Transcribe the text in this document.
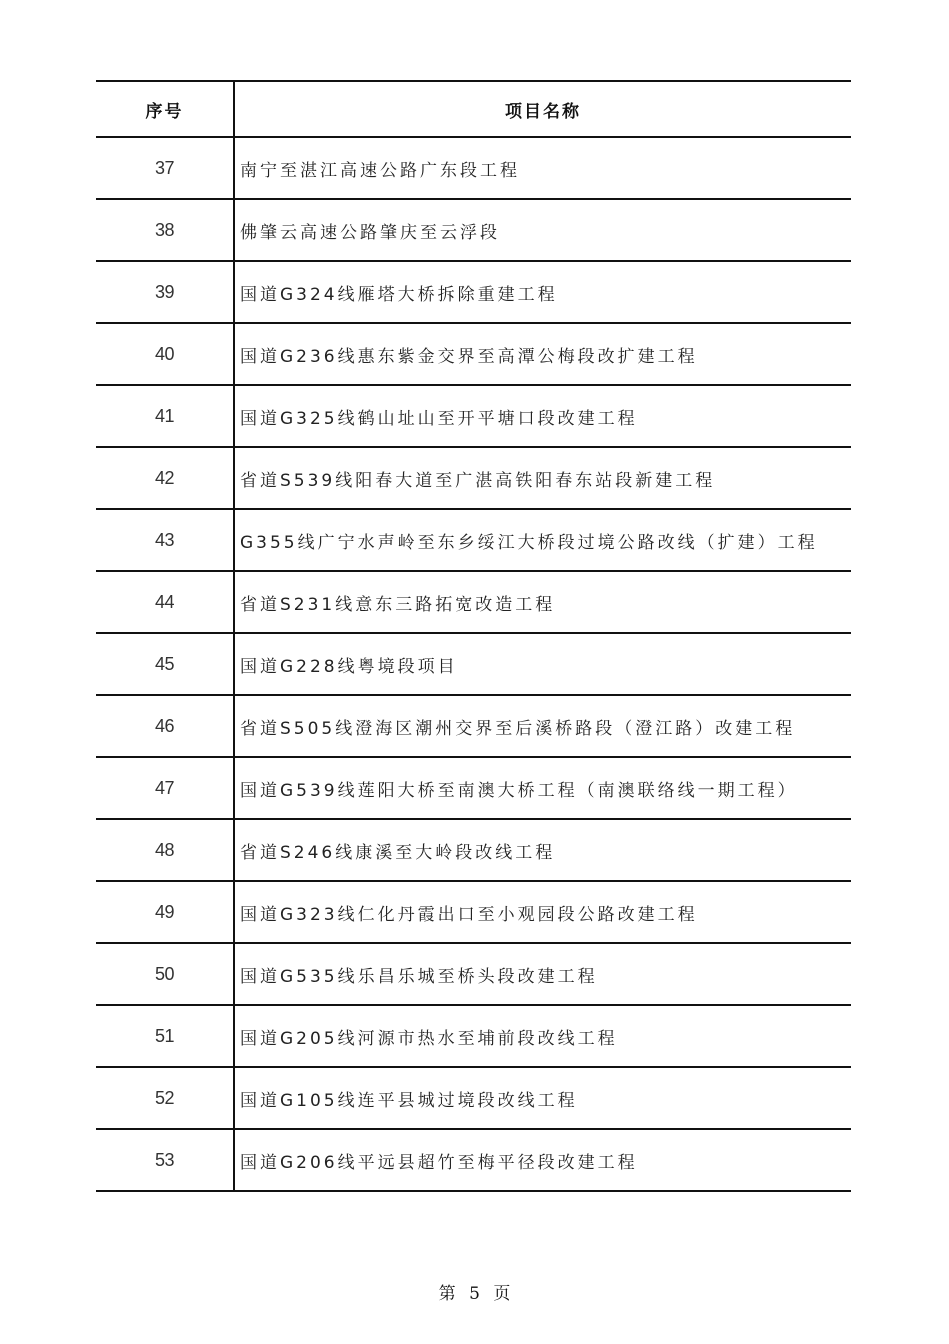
序号	项目名称
37	南宁至湛江高速公路广东段工程
38	佛肇云高速公路肇庆至云浮段
39	国道G324线雁塔大桥拆除重建工程
40	国道G236线惠东紫金交界至高潭公梅段改扩建工程
41	国道G325线鹤山址山至开平塘口段改建工程
42	省道S539线阳春大道至广湛高铁阳春东站段新建工程
43	G355线广宁水声岭至东乡绥江大桥段过境公路改线（扩建）工程
44	省道S231线意东三路拓宽改造工程
45	国道G228线粤境段项目
46	省道S505线澄海区潮州交界至后溪桥路段（澄江路）改建工程
47	国道G539线莲阳大桥至南澳大桥工程（南澳联络线一期工程）
48	省道S246线康溪至大岭段改线工程
49	国道G323线仁化丹霞出口至小观园段公路改建工程
50	国道G535线乐昌乐城至桥头段改建工程
51	国道G205线河源市热水至埔前段改线工程
52	国道G105线连平县城过境段改线工程
53	国道G206线平远县超竹至梅平径段改建工程
第 5 页
